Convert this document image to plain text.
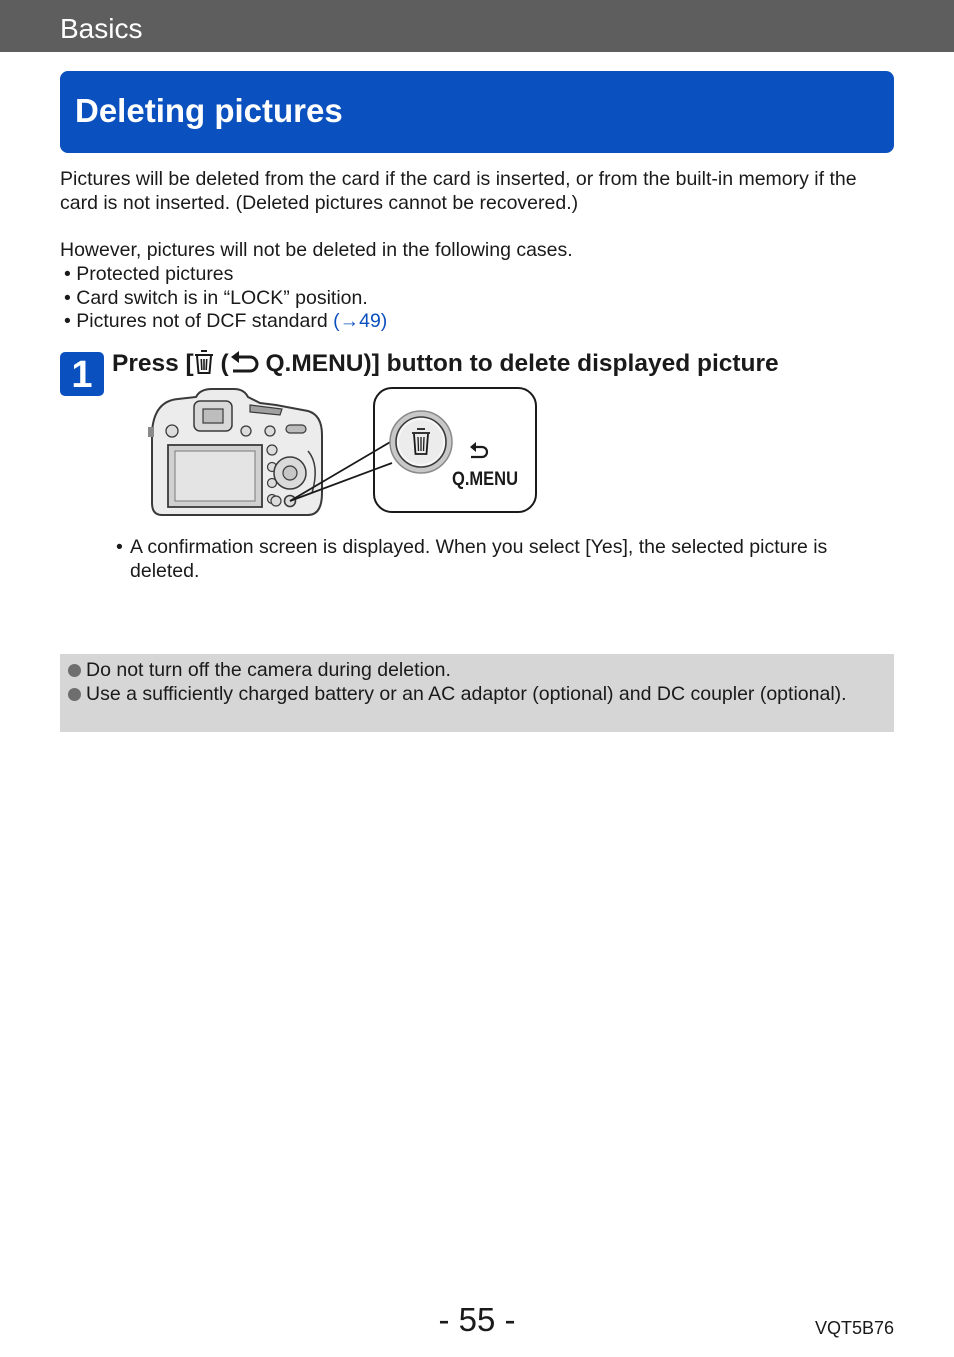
Basics
Deleting pictures

Pictures will be deleted from the card if the card is inserted, or from the built-in memory if the card is not inserted. (Deleted pictures cannot be recovered.)

However, pictures will not be deleted in the following cases.

• Protected pictures
• Card switch is in “LOCK” position.
• Pictures not of DCF standard (→49)
1 Press [ ( Q.MENU)] button to delete displayed picture
Q.MENU
• A confirmation screen is displayed. When you select [Yes], the selected picture is deleted.
Do not turn off the camera during deletion.
Use a sufficiently charged battery or an AC adaptor (optional) and DC coupler (optional).
- 55 -	VQT5B76
